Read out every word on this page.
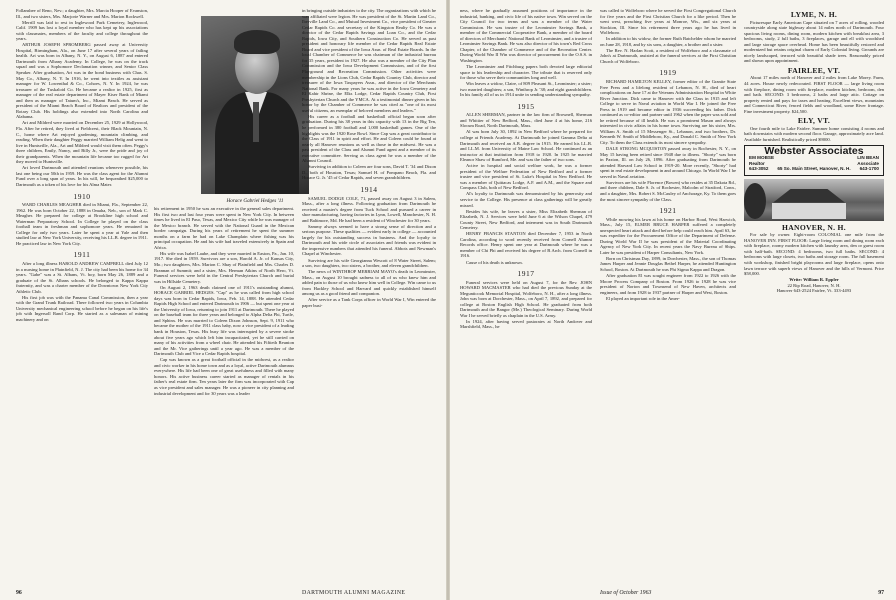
Follansbee of Reno, Nev.; a daughter, Mrs. Marcia Hooper of Evanston, Ill., and two sisters, Mrs. Marjorie Warner and Mrs. Marion Rockwell.

Merrill was laid to rest in Inglewood Park Cemetery, Inglewood, Calif. 1909 has lost a loyal member who has kept up his associations with classmates, members of the faculty and college throughout the years.

ARTHUR JOSEPH SPROMBERG passed away at University Hospital, Birmingham, Ala., on June 17 after several years of failing health. Art was born in Albany, N. Y., on August 6, 1887 and entered Dartmouth from Albany Academy. In College, he was on the track squad and was a Sophomore Declamation winner, and Senior Class Speaker. After graduation, Art was in the bond business with Chas. S. May Co., Albany, N. Y. In 1916, he went into textiles as assistant manager for W. Lowenthal & Co., Cohoes, N. Y. In 1924, he was treasurer of the Tuskaloid Co. He became a realtor in 1925, first as manager of the real estate department of Mayer Kiser Bank of Miami and then as manager of Tatum's, Inc., Miami Beach. He served as president of the Miami Beach Board of Realtors and president of the Rotary Club. His holdings also extended into North Carolina and Alabama.

Art and Mildred were married on December 25, 1929 at Hollywood, Fla. After he retired, they lived at Fieldcrest, their Black Mountain, N. C., home where Art enjoyed gardening, mountain climbing, and reading. When their daughter Peggy married William Helig and went to live in Huntsville, Ala., Art and Mildred would visit them often. Peggy's three children, Emily, Nancy, and Billy Jr., were the pride and joy of their grandparents. When the mountain life became too rugged for Art they moved to Huntsville.

Art loved Dartmouth and attended reunions whenever possible, his last one being our 50th in 1959. He was the class agent for the Alumni Fund over a long span of years. In his will, he bequeathed $25,000 to Dartmouth as a token of his love for his Alma Mater.

1910

WARD CHARLES MEAGHER died in Miami, Fla., September 22, 1962. He was born October 22, 1888 in Omaha, Neb., son of Mark C. Meagher. He prepared for college at Brookline high school and Waterman Preparatory School. In College he played on the class football team in freshman and sophomore years. He remained in College for only two years. Later he spent a year at Yale and then studied law at New York University, receiving his LL.B. degree in 1911. He practiced law in New York City.

1911

After a long illness HAROLD ANDREW CAMPBELL died July 12 in a nursing home in Plainfield, N. J. The city had been his home for 34 years. "Gabe" was a St. Albans, Vt. boy, born May 26, 1889 and a graduate of the St. Albans schools. He belonged to Kappa Kappa fraternity, and was a charter member of the Downtown New York City Athletic Club.

His first job was with the Panama Canal Commission, then a year with the Grand Trunk Railroad. There followed two years in Columbia University mechanical engineering school before he began on his life's job with Ingersoll Rand Corp. He started as a salesman of mining machinery and on

Horace Gabriel Hedges '11

his retirement in 1950 he was an executive in the general sales department. His first two and last four years were spent in New York City. In between times he lived in El Paso, Texas, and Mexico City while he was manager of the Mexico branch. He served with the National Guard in the Mexican border campaign. During his years of retirement he spent the summer months on a farm he had on Lake Champlain where fishing was his principal occupation. He and his wife had traveled extensively in Spain and Africa.

His wife was Isabel Laube, and they were married in Easton, Pa., Jan. 10, 1917. She died in 1959. Survivors are a son, Harold A. Jr. of Kansas City, Mo.; two daughters, Mrs. Marion C. Shay of Plainfield and Mrs. Charles D. Brannan of Summit; and a sister, Mrs. Herman Atkins of North Hero, Vt. Funeral services were held in the Central Presbyterian Church and burial was in Hillside Cemetery.

On August 2, 1963 death claimed one of 1911's outstanding alumni, HORACE GABRIEL HEDGES. "Cap" as he was called from high school days was born in Cedar Rapids, Iowa, Feb. 14, 1888. He attended Cedar Rapids High School and entered Dartmouth in 1906 — but spent one year at the University of Iowa, returning to join 1911 at Dartmouth. There he played on the baseball team for three years and belonged to Alpha Delta Phi, Turtle, and Sphinx. He was married to Coleen Dixon Johnson, Sept. 9, 1911 who became the mother of the 1911 class baby, now a vice president of a leading bank in Houston, Texas. His busy life was interrupted by a severe stroke about five years ago which left him incapacitated, yet he still carried on many of his activities from a wheel chair. He attended his Fiftieth Reunion and the Mr. Vice gatherings until a year ago. He was a member of the Dartmouth Club and Vice a Cedar Rapids hospital.

Cap was known as a great football official in the midwest, as a realtor and civic worker in his home town and as a loyal, active Dartmouth alumnus everywhere. His life had been one of great usefulness and filled with many honors. His active business career started as manager of rentals in his father's real estate firm. Ten years later the firm was incorporated with Cap as vice president and sales manager. He was a pioneer in city planning and industrial development and for 30 years was a leader

in bringing outside industries to the city. The organizations with which he was affiliated were legion. He was president of the St. Martin Land Co., Iberville Land Co., and Mutual Investment Co., vice president of Greater Cedar Rapids Co. and secretary of the Kingston Realty Co. He was a director of the Cedar Rapids Savings and Loan Co., and the Cedar Rapids, Iowa City, and Southern Construction Co. He served as past president and honorary life member of the Cedar Rapids Real Estate Board and vice president of the Iowa Assn. of Real Estate Boards. In the local Chamber of Commerce he was chairman of the industrial bureau for 35 years, president in 1927. He also was a member of the City Plan Commission and the Iowa Development Commission, and of the first Playground and Recreation Commission. Other activities were membership in the Lions Club, Cedar Rapids Country Club, director and treasurer of the Iowa Taxpayers Assn., and director of the Merchants National Bank. For many years he was active in the Iowa Cemetery and El Kahir Shrine, the Elks Lodge, Cedar Rapids Country Club, First Presbyterian Church and the YMCA. At a testimonial dinner given in his honor by the Chamber of Commerce he was cited as "one of its most useful citizens, an exemplar of beloved members and leaders."

His career as a football and basketball official began soon after graduation. During his 38 years in this capacity with 13 in the Big Ten, he performed in 380 football and 1,000 basketball games. One of the highlights was the 1920 Rose Bowl. Since Cap was a great contributor to the Class of 1911 in spirit and effort. He and Coleen could be found at nearly all Hanover reunions as well as those in the midwest. He was a past president of the Class and Alumni Fund agent and a member of its executive committee. Serving as class agent he was a member of the Alumni Council.

Surviving in addition to Coleen are four sons, David T. '34 and Dixon D., both of Houston, Texas; Samuel H. of Pompano Beach, Fla. and Horace G. Jr. '45 of Cedar Rapids, and seven grandchildren.

1914

SAMUEL DODGE COLE, 71, passed away on August 3 in Salem, Mass., after a long illness. Following graduation from Dartmouth he received a master's degree from Tuck School and pursued a career in shoe manufacturing, having factories in Lynn, Lowell, Manchester, N. H. and Baltimore, Md. He had been a resident of Winchester for 30 years.

Sammy always seemed to have a strong sense of direction and a serious purpose. These qualities — evident early in college — accounted largely for his outstanding success in business. And the loyalty to Dartmouth and his wide circle of associates and friends was evident in the impressive numbers that attended his funeral. Abbots and Newman's Chapel at Winchester.

Surviving are his wife Georgianna Wescott of 8 Water Street, Salem; a son, two daughters, two sisters, a brother, and eleven grandchildren.

The news of WINTHROP MERRIAM MAYO's death in Leominster, Mass., on August 10 brought sadness to all of us who knew him and added pain to those of us who knew him well in College. Win came to us from Hackley School and Harvard and quickly established himself among us as a good friend and companion.

After service as a Tank Corps officer in World War I, Win entered the paper busi-

96	DARTMOUTH ALUMNI MAGAZINE

ness, where he gradually assumed positions of importance in the industrial, banking, and civic life of his native town. Win served on the City Council for two terms and was a member of the Water Commission. He was trustee of the Leominster Savings Bank, a member of the Commercial Cooperative Bank, a member of the board of directors of Merchants' National Bank of Leominster, and a trustee of Leominster Savings Bank. He was also director of his town's Red Cross Chapter, of the Chamber of Commerce and of the Recreation Center. During World War II Win was director of procurement for the O.S.S. in Washington.

The Leominster and Fitchburg papers both devoted large editorial space to his leadership and character. The tribute that is reserved only for those who serve their communities long and well.

Win leaves a widow, Claire, of 809 Pleasant St., Leominster; a sister; two married daughters; a son, Winthrop Jr. '38; and eight grandchildren. In his family all of us in 1914 unite in sending understanding sympathy.

1915

ALLEN SHERMAN, partner in the law firm of Brownell, Sherman and Whittier of New Bedford, Mass., died June 4 at his home, 216 Slocum Road, North Dartmouth, Mass.

Al was born July 30, 1892 in New Bedford where he prepared for college at Friends Academy. At Dartmouth he joined Gamma Delta at Dartmouth and received an A.B. degree in 1915. He earned his LL.B. and LL.M. from University of Maine Law School. He continued as an instructor at that institution from 1918 to 1920. In 1925 he married Eleanor Shaw of Rumford, Me. and was the father of two sons.

Active in hospital and social welfare work, he was a former president of the Welfare Federation of New Bedford and a former trustee and vice president of St. Luke's Hospital in New Bedford. He was a member of Quittacas Lodge, A.F. and A.M., and the Square and Compass Club, both of New Bedford.

Al's loyalty to Dartmouth was demonstrated by his generosity and service to the College. His presence at class gatherings will be greatly missed.

Besides his wife, he leaves a sister, Miss Elizabeth Sherman of Elizabeth, N. J. Services were held June 6 at the Wilson Chapel, 479 County Street, New Bedford, and interment was in South Dartmouth Cemetery.

HENRY FRANCIS STANTON died December 7, 1953 in North Carolina, according to word recently received from Cornell Alumni Records office. Henry spent one year at Dartmouth where he was a member of Chi Phi and received his degree of B.Arch. from Cornell in 1916.

Cause of his death is unknown.

1917

Funeral services were held on August 7, for the Rev. JOHN HOWARD MACMASTER who had died the previous Sunday at the Megunticook Memorial Hospital, Wolfeboro, N. H., after a long illness. John was born at Dorchester, Mass., on April 7, 1892, and prepared for college at Boston English High School. He graduated from both Dartmouth and the Bangor (Me.) Theological Seminary. During World War I he served briefly as chaplain in the U.S. Army.

In 1924, after having served pastorates at North Andover and Marshfield, Mass., he

was called to Wolfeboro where he served the First Congregational Church for five years and the First Christian Church for a like period. Then he went west, preaching five years at Monroe, Wis., and six years at Stockton, Ill. Since his retirement three years ago he has lived in Wolfeboro.

In addition to his widow, the former Ruth Batchelder whom he married on June 28, 1918, and by six sons, a daughter, a brother and a sister.

The Rev. N. Harlan Scott, a resident of Wolfeboro and a classmate of John's at Dartmouth, assisted at the funeral services at the First Christian Church of Wolfeboro.

1919

RICHARD HAMILTON KELLEY, former editor of the Granite State Free Press and a lifelong resident of Lebanon, N. H., died of heart complications on June 17 at the Veterans Administration Hospital in White River Junction. Dick came to Hanover with the Class in 1915 and left College to serve in Naval aviation in World War I. He joined the Free Press in 1919 and became editor in 1936 succeeding his father. Dick continued as co-editor and partner until 1962 when the paper was sold and he retired because of ill health. He was a prominent Mason and always interested in civic affairs in his home town. Surviving are his sister, Mrs. William A. Smith of 15 Messenger St., Lebanon, and two brothers, Dr. Kenneth W. Smith of Middleboro, Ky., and Donald C. Smith of New York City. To them the Class extends its most sincere sympathy.

DALE STRONG MCQUISTON passed away in Rochester, N. Y., on May 15 having been retired since 1948 due to illness. "Shorty" was born in Paxton, Ill. on July 26, 1896. After graduating from Dartmouth he attended Harvard Law School in 1919-20. More recently, "Shorty" had spent in real estate development in and around Chicago. In World War I he served in Naval aviation.

Survivors are his wife Florence (Bowen) who resides at 35 Dakota Rd., and three children, Dale S. Jr. of Rochester, Malcolm of Stratford, Conn., and a daughter, Mrs. Robert S. McCauley of Anchorage, Ky. To them goes the most sincere sympathy of the Class.

1921

While mowing his lawn at his home on Harbor Road, West Harwich, Mass., July 15, ELMER BRUCE HARPER suffered a completely unexpected heart attack and died before help could reach him. April 63, he was expediter for the Procurement Office of the Department of Defense. During World War II he was president of the Material Coordinating Agency of New York City. In recent years the Navy Bureau of Ships. Later he was president of Harper Consultants, New York.

Born on Christmas Day, 1899, in Dorchester, Mass., the son of Thomas James Harper and Jennie Douglas Bethel Harper, he attended Huntington School, Boston. At Dartmouth he was Phi Sigma Kappa and Dragon.

After graduation El was sought engineer from 1922 to 1926 with the Moore Process Company of Boston. From 1926 to 1928 he was vice president of Norton and Townsend of New Haven, architects and engineers, and from 1928 to 1937 partner of Harper and West, Boston.

El played an important role in the Amer-

LYME, N. H.

Picturesque Early American Cape situated on 7 acres of rolling, wooded countryside along state highway about 14 miles north of Dartmouth. Four spacious living rooms, dining room, modern kitchen with breakfast area, 3 bedrooms, study, 2 full baths, 3 fireplaces, garage and ell with woodshed and large storage space overhead. Home has been beautifully restored and modernized but retains original charm of Early Colonial living. Grounds are nicely landscaped, terraced with beautiful shade trees. Reasonably priced and shown upon appointment.

FAIRLEE, VT.

About 17 miles north of Hanover and 2 miles from Lake Morey. Farm, 44 acres. House newly redecorated. FIRST FLOOR — large living room with fireplace, dining room with fireplace, modern kitchen, bedroom, den and bath. SECOND: 3 bedrooms, 2 baths and large attic. Cottage on property rented and pays for taxes and heating. Excellent views, mountains and Connecticut River, fenced fields and woodland, some River frontage. Fine investment property. $24,500.

ELY, VT.

One fourth mile to Lake Fairlee. Summer home consisting 4 rooms and bath downstairs with modern second floor. Garage, approximately acre land. Available furnished. Realistically priced $9000.

Webster Associates
EM MOBSE	LIN BEAN
Realtor	Associate
643-3052 65 So. Main Street, Hanover, N. H. 643-1700
HANOVER, N. H.

For sale by owner. Eight-room COLONIAL one mile from the HANOVER INN. FIRST FLOOR: Large living room and dining room each with fireplace, roomy modern kitchen with laundry area, den or guest room with half-bath. SECOND: 4 bedrooms, two full baths. SECOND: 4 bedrooms with large closets, two baths and storage room. The full basement with workshop, finished bright playrooms and large fireplace, opens onto lawn terrace with superb views of Hanover and the hills of Vermont. Price $58,000.

Write: William R. Eppler
22 Rip Road, Hanover, N. H.
Hanover 643-2524 Fairlee, Vt. 333-4493
Issue of October 1963	97
